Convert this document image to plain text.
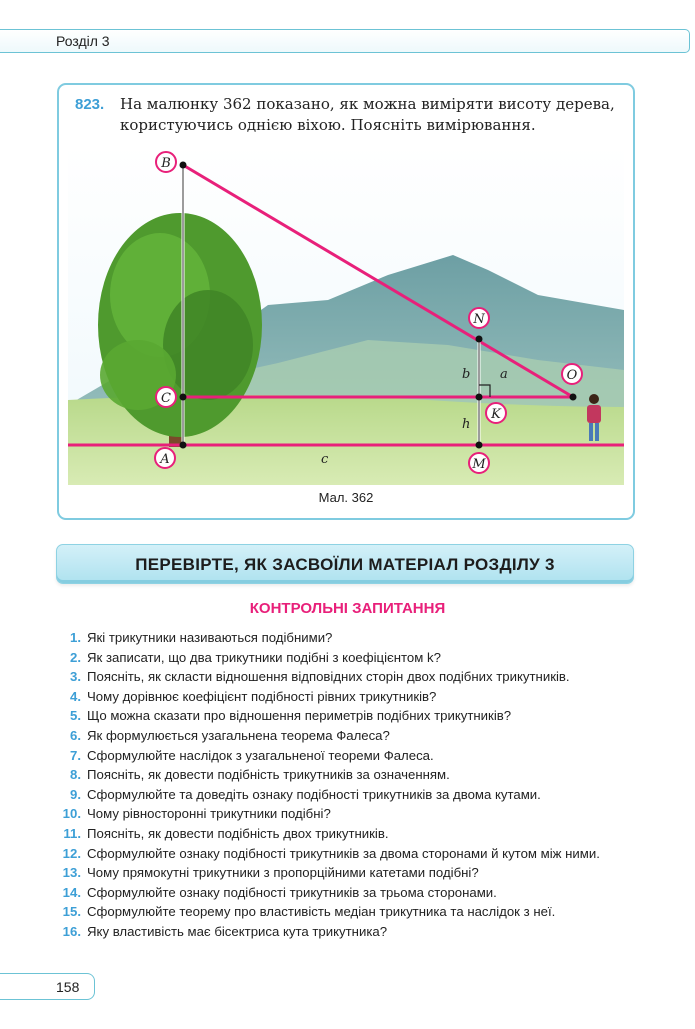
Розділ 3
823. На малюнку 362 показано, як можна виміряти висоту дерева, користуючись однією віхою. Поясніть вимірювання.
B
C
A
N
K
M
O
b a
h
c
Мал. 362
ПЕРЕВІРТЕ, ЯК ЗАСВОЇЛИ МАТЕРІАЛ РОЗДІЛУ 3
КОНТРОЛЬНІ ЗАПИТАННЯ
1. Які трикутники називаються подібними?
2. Як записати, що два трикутники подібні з коефіцієнтом k?
3. Поясніть, як скласти відношення відповідних сторін двох подібних трикутників.
4. Чому дорівнює коефіцієнт подібності рівних трикутників?
5. Що можна сказати про відношення периметрів подібних трикутників?
6. Як формулюється узагальнена теорема Фалеса?
7. Сформулюйте наслідок з узагальненої теореми Фалеса.
8. Поясніть, як довести подібність трикутників за означенням.
9. Сформулюйте та доведіть ознаку подібності трикутників за двома кутами.
10. Чому рівносторонні трикутники подібні?
11. Поясніть, як довести подібність двох трикутників.
12. Сформулюйте ознаку подібності трикутників за двома сторонами й кутом між ними.
13. Чому прямокутні трикутники з пропорційними катетами подібні?
14. Сформулюйте ознаку подібності трикутників за трьома сторонами.
15. Сформулюйте теорему про властивість медіан трикутника та наслідок з неї.
16. Яку властивість має бісектриса кута трикутника?
158
